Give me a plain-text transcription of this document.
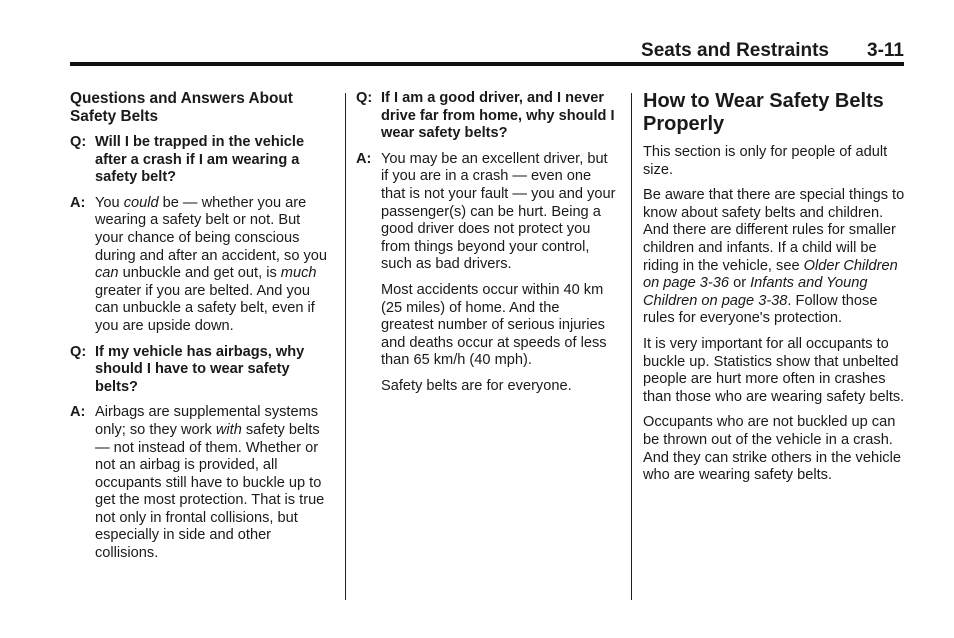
Seats and Restraints 3-11
Questions and Answers About Safety Belts
Q: Will I be trapped in the vehicle after a crash if I am wearing a safety belt?
A: You could be — whether you are wearing a safety belt or not. But your chance of being conscious during and after an accident, so you can unbuckle and get out, is much greater if you are belted. And you can unbuckle a safety belt, even if you are upside down.
Q: If my vehicle has airbags, why should I have to wear safety belts?
A: Airbags are supplemental systems only; so they work with safety belts — not instead of them. Whether or not an airbag is provided, all occupants still have to buckle up to get the most protection. That is true not only in frontal collisions, but especially in side and other collisions.
Q: If I am a good driver, and I never drive far from home, why should I wear safety belts?
A: You may be an excellent driver, but if you are in a crash — even one that is not your fault — you and your passenger(s) can be hurt. Being a good driver does not protect you from things beyond your control, such as bad drivers.
Most accidents occur within 40 km (25 miles) of home. And the greatest number of serious injuries and deaths occur at speeds of less than 65 km/h (40 mph).
Safety belts are for everyone.
How to Wear Safety Belts Properly
This section is only for people of adult size.
Be aware that there are special things to know about safety belts and children. And there are different rules for smaller children and infants. If a child will be riding in the vehicle, see Older Children on page 3-36 or Infants and Young Children on page 3-38. Follow those rules for everyone's protection.
It is very important for all occupants to buckle up. Statistics show that unbelted people are hurt more often in crashes than those who are wearing safety belts.
Occupants who are not buckled up can be thrown out of the vehicle in a crash. And they can strike others in the vehicle who are wearing safety belts.
